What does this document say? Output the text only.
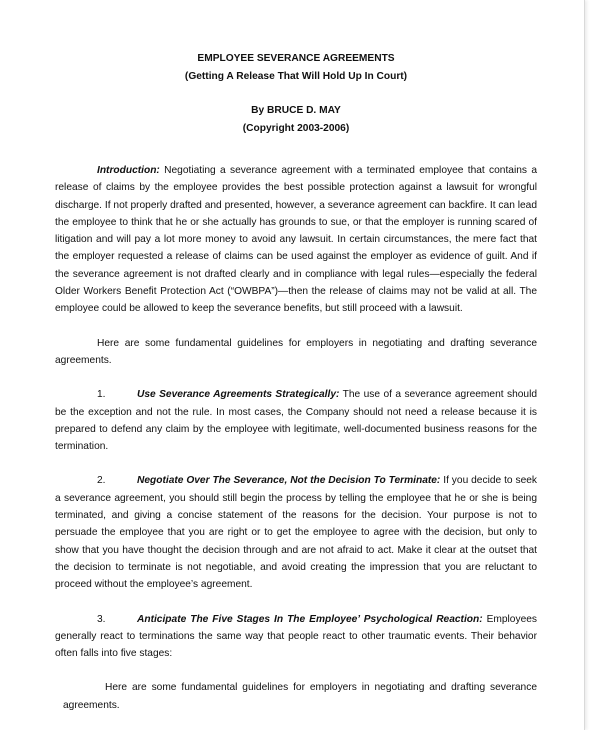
EMPLOYEE SEVERANCE AGREEMENTS

(Getting A Release That Will Hold Up In Court)

By BRUCE D. MAY

(Copyright 2003-2006)

Introduction: Negotiating a severance agreement with a terminated employee that contains a release of claims by the employee provides the best possible protection against a lawsuit for wrongful discharge. If not properly drafted and presented, however, a severance agreement can backfire. It can lead the employee to think that he or she actually has grounds to sue, or that the employer is running scared of litigation and will pay a lot more money to avoid any lawsuit. In certain circumstances, the mere fact that the employer requested a release of claims can be used against the employer as evidence of guilt. And if the severance agreement is not drafted clearly and in compliance with legal rules—especially the federal Older Workers Benefit Protection Act (“OWBPA”)—then the release of claims may not be valid at all. The employee could be allowed to keep the severance benefits, but still proceed with a lawsuit.

Here are some fundamental guidelines for employers in negotiating and drafting severance agreements.

1.	Use Severance Agreements Strategically: The use of a severance agreement should be the exception and not the rule. In most cases, the Company should not need a release because it is prepared to defend any claim by the employee with legitimate, well-documented business reasons for the termination.

2.	Negotiate Over The Severance, Not the Decision To Terminate: If you decide to seek a severance agreement, you should still begin the process by telling the employee that he or she is being terminated, and giving a concise statement of the reasons for the decision. Your purpose is not to persuade the employee that you are right or to get the employee to agree with the decision, but only to show that you have thought the decision through and are not afraid to act. Make it clear at the outset that the decision to terminate is not negotiable, and avoid creating the impression that you are reluctant to proceed without the employee’s agreement.

3.	Anticipate The Five Stages In The Employee’ Psychological Reaction: Employees generally react to terminations the same way that people react to other traumatic events. Their behavior often falls into five stages:

Here are some fundamental guidelines for employers in negotiating and drafting severance agreements.
